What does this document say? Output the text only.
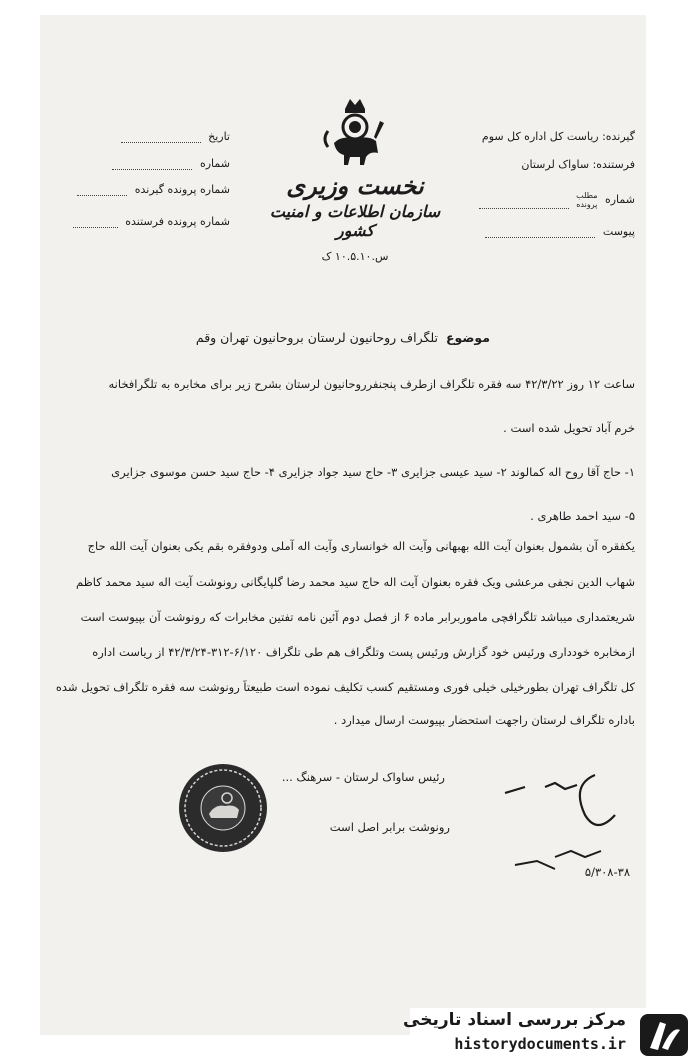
گیرنده: ریاست کل اداره کل سوم
فرستنده: ساواک لرستان
شماره مطلب
پرونده
پیوست
تاریخ
شماره
شماره پرونده گیرنده
شماره پرونده فرستنده
نخست وزیری
سازمان اطلاعات و امنیت کشور
س.۱۰.۵.۱۰ ک
موضوع تلگراف روحانیون لرستان بروحانیون تهران وقم
ساعت ۱۲ روز ۴۲/۳/۲۲ سه فقره تلگراف ازطرف پنجنفرروحانیون لرستان بشرح زیر برای مخابره به تلگرافخانه
خرم آباد تحویل شده است .
۱- حاج آقا روح اله کمالوند ۲- سید عیسی جزایری ۳- حاج سید جواد جزایری ۴- حاج سید حسن موسوی جزایری
۵- سید احمد طاهری .
یکفقره آن بشمول بعنوان آیت الله بهبهانی وآیت اله خوانساری وآیت اله آملی ودوفقره بقم یکی بعنوان آیت الله حاج
شهاب الدین نجفی مرعشی ویک فقره بعنوان آیت اله حاج سید محمد رضا گلپایگانی رونوشت آیت اله سید محمد کاظم
شریعتمداری میباشد تلگرافچی ماموربرابر ماده ۶ از فصل دوم آئین نامه تفتین مخابرات که رونوشت آن بپیوست است
ازمخابره خودداری ورئیس خود گزارش ورئیس پست وتلگراف هم طی تلگراف ۶/۱۲۰-۳۱۲-۴۲/۳/۲۴ از ریاست اداره
کل تلگراف تهران بطورخیلی خیلی فوری ومستقیم کسب تکلیف نموده است طبیعتاً رونوشت سه فقره تلگراف تحویل شده
باداره تلگراف لرستان راجهت استحضار بپیوست ارسال میدارد .
رئیس ساواک لرستان - سرهنگ ...
رونوشت برابر اصل است
۵/۳۰۸-۳۸
مرکز بررسی اسناد تاریخی
historydocuments.ir
